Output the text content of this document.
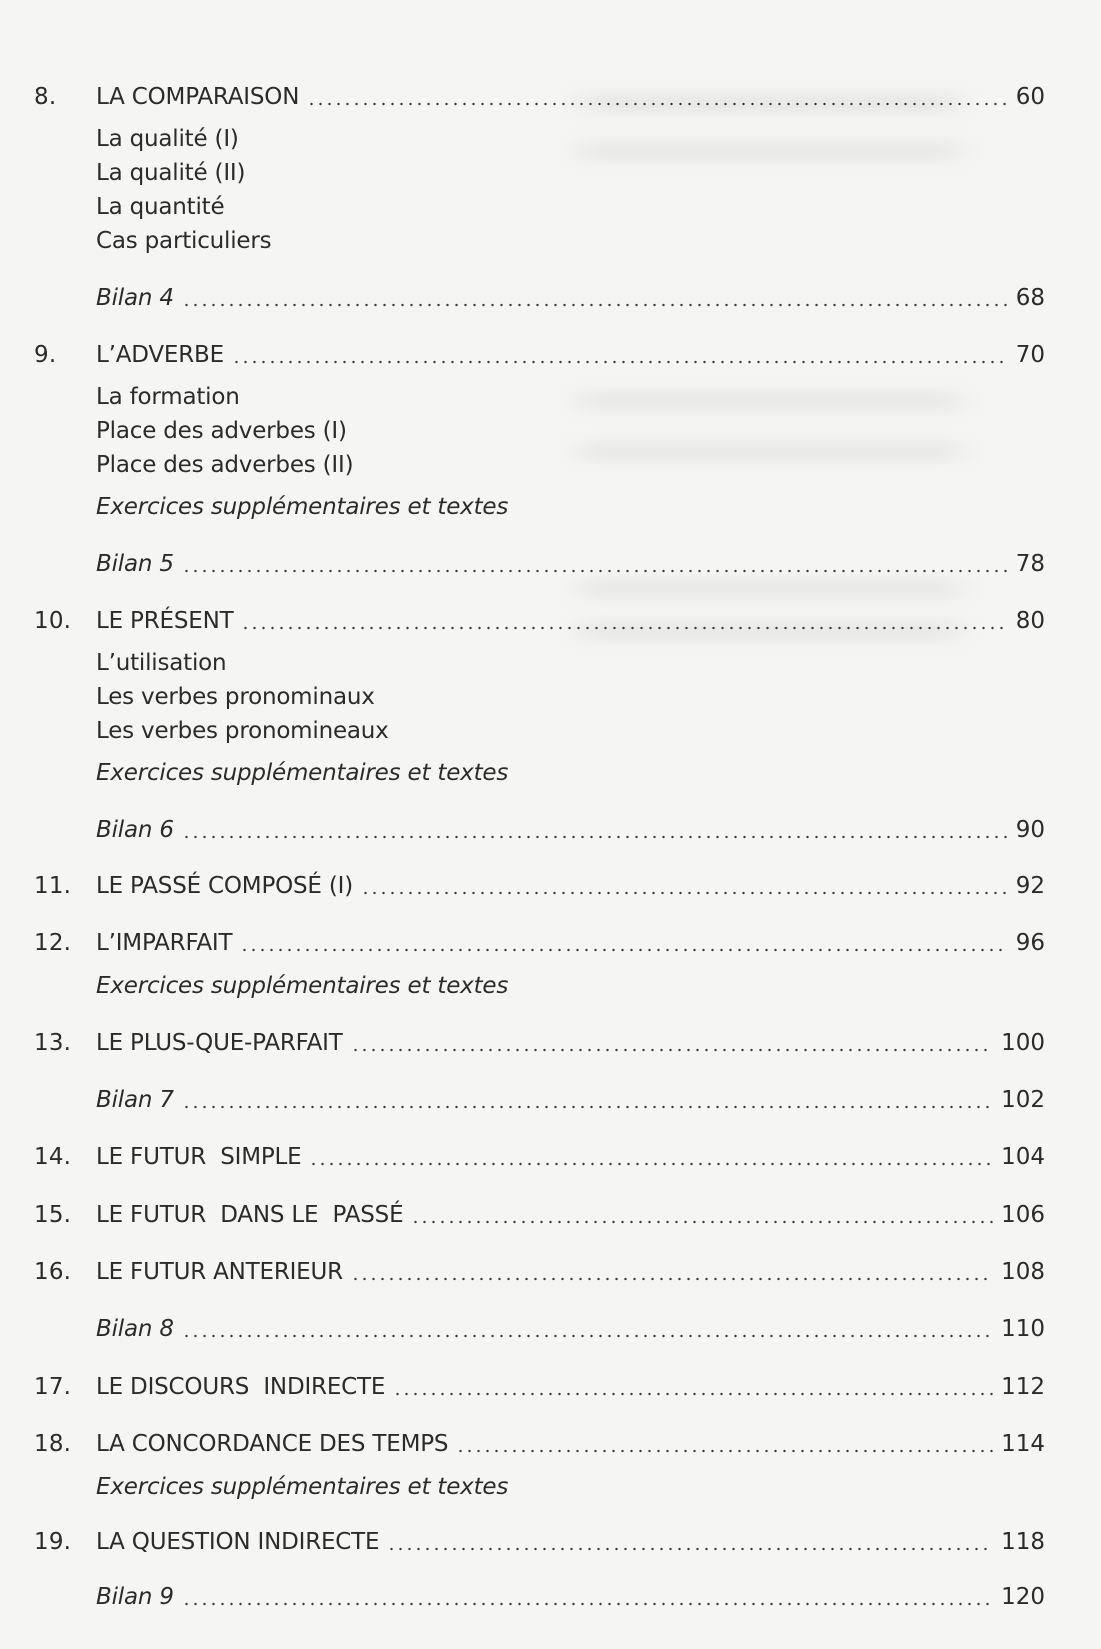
8. LA COMPARAISON	60
La qualité (I)
La qualité (II)
La quantité
Cas particuliers
Bilan 4	68
9. L’ADVERBE	70
La formation
Place des adverbes (I)
Place des adverbes (II)
Exercices supplémentaires et textes
Bilan 5	78
10. LE PRÉSENT	80
L’utilisation
Les verbes pronominaux
Les verbes pronomineaux
Exercices supplémentaires et textes
Bilan 6	90
11. LE PASSÉ COMPOSÉ (I)	92
12. L’IMPARFAIT	96
Exercices supplémentaires et textes
13. LE PLUS-QUE-PARFAIT	100
Bilan 7	102
14. LE FUTUR  SIMPLE	104
15. LE FUTUR  DANS LE  PASSÉ	106
16. LE FUTUR ANTERIEUR	108
Bilan 8	110
17. LE DISCOURS  INDIRECTE	112
18. LA CONCORDANCE DES TEMPS	114
Exercices supplémentaires et textes
19. LA QUESTION INDIRECTE	118
Bilan 9	120
